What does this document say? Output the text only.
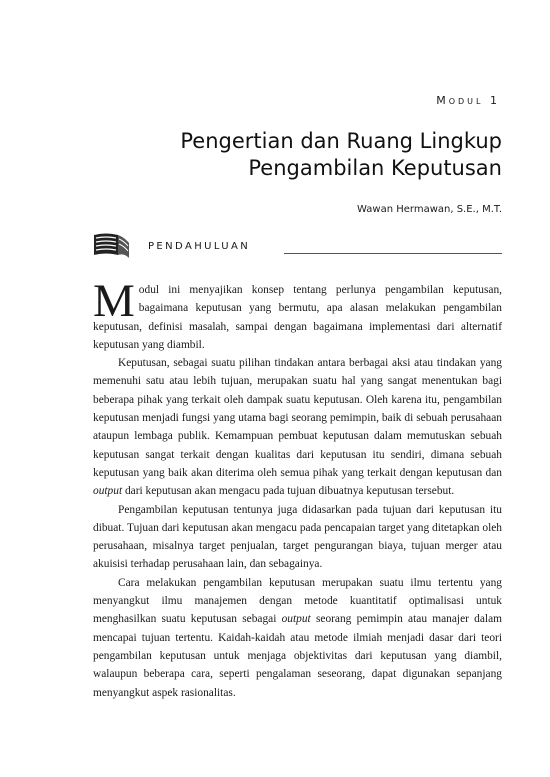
Modul 1
Pengertian dan Ruang Lingkup
Pengambilan Keputusan
Wawan Hermawan, S.E., M.T.
PENDAHULUAN

Modul ini menyajikan konsep tentang perlunya pengambilan keputusan, bagaimana keputusan yang bermutu, apa alasan melakukan pengambilan keputusan, definisi masalah, sampai dengan bagaimana implementasi dari alternatif keputusan yang diambil.

Keputusan, sebagai suatu pilihan tindakan antara berbagai aksi atau tindakan yang memenuhi satu atau lebih tujuan, merupakan suatu hal yang sangat menentukan bagi beberapa pihak yang terkait oleh dampak suatu keputusan. Oleh karena itu, pengambilan keputusan menjadi fungsi yang utama bagi seorang pemimpin, baik di sebuah perusahaan ataupun lembaga publik. Kemampuan pembuat keputusan dalam memutuskan sebuah keputusan sangat terkait dengan kualitas dari keputusan itu sendiri, dimana sebuah keputusan yang baik akan diterima oleh semua pihak yang terkait dengan keputusan dan output dari keputusan akan mengacu pada tujuan dibuatnya keputusan tersebut.

Pengambilan keputusan tentunya juga didasarkan pada tujuan dari keputusan itu dibuat. Tujuan dari keputusan akan mengacu pada pencapaian target yang ditetapkan oleh perusahaan, misalnya target penjualan, target pengurangan biaya, tujuan merger atau akuisisi terhadap perusahaan lain, dan sebagainya.

Cara melakukan pengambilan keputusan merupakan suatu ilmu tertentu yang menyangkut ilmu manajemen dengan metode kuantitatif optimalisasi untuk menghasilkan suatu keputusan sebagai output seorang pemimpin atau manajer dalam mencapai tujuan tertentu. Kaidah-kaidah atau metode ilmiah menjadi dasar dari teori pengambilan keputusan untuk menjaga objektivitas dari keputusan yang diambil, walaupun beberapa cara, seperti pengalaman seseorang, dapat digunakan sepanjang menyangkut aspek rasionalitas.
